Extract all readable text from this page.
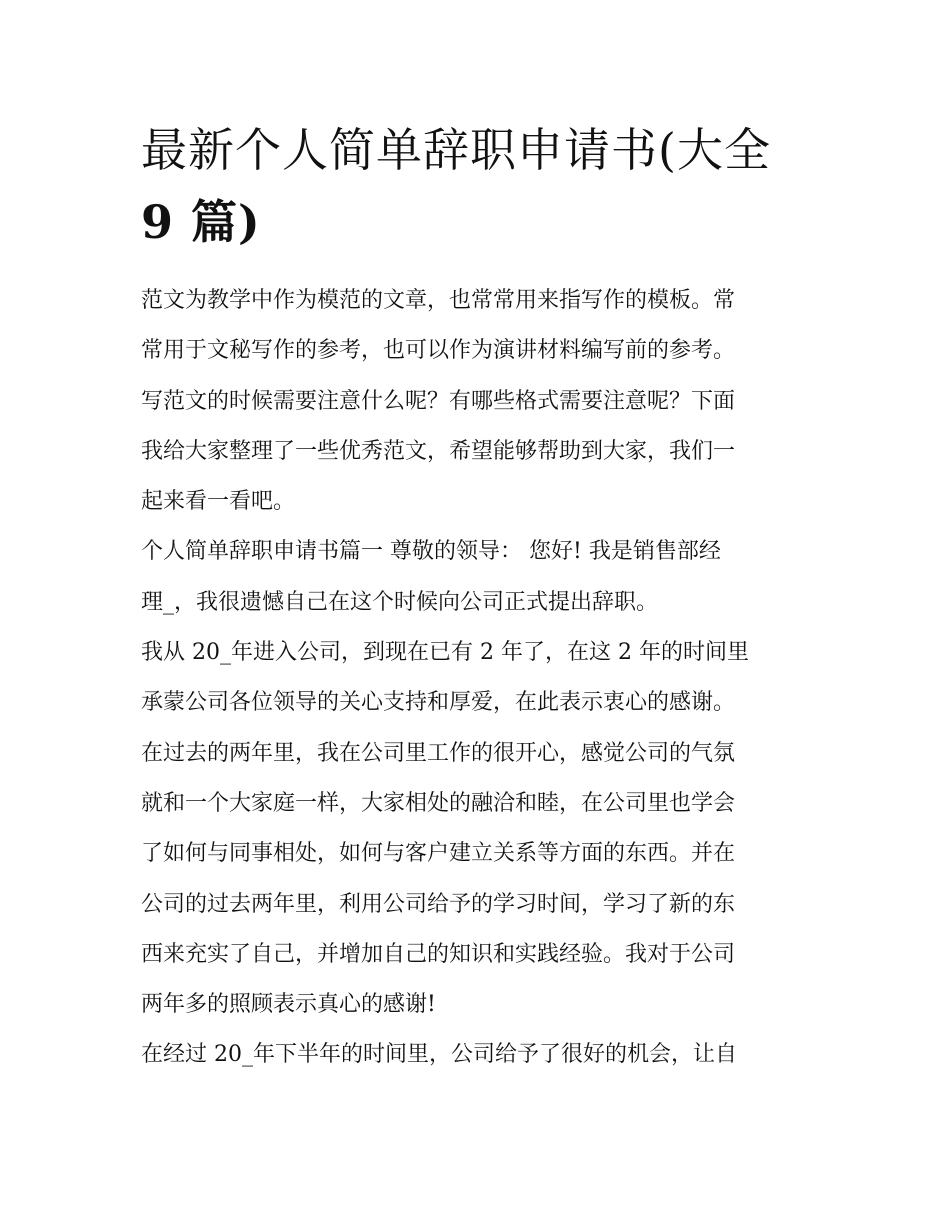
最新个人简单辞职申请书(大全
9 篇)
范文为教学中作为模范的文章，也常常用来指写作的模板。常
常用于文秘写作的参考，也可以作为演讲材料编写前的参考。
写范文的时候需要注意什么呢？有哪些格式需要注意呢？下面
我给大家整理了一些优秀范文，希望能够帮助到大家，我们一
起来看一看吧。
个人简单辞职申请书篇一 尊敬的领导： 您好! 我是销售部经
理_，我很遗憾自己在这个时候向公司正式提出辞职。
我从 20_年进入公司，到现在已有 2 年了，在这 2 年的时间里
承蒙公司各位领导的关心支持和厚爱，在此表示衷心的感谢。
在过去的两年里，我在公司里工作的很开心，感觉公司的气氛
就和一个大家庭一样，大家相处的融洽和睦，在公司里也学会
了如何与同事相处，如何与客户建立关系等方面的东西。并在
公司的过去两年里，利用公司给予的学习时间，学习了新的东
西来充实了自己，并增加自己的知识和实践经验。我对于公司
两年多的照顾表示真心的感谢!
在经过 20_年下半年的时间里，公司给予了很好的机会，让自
